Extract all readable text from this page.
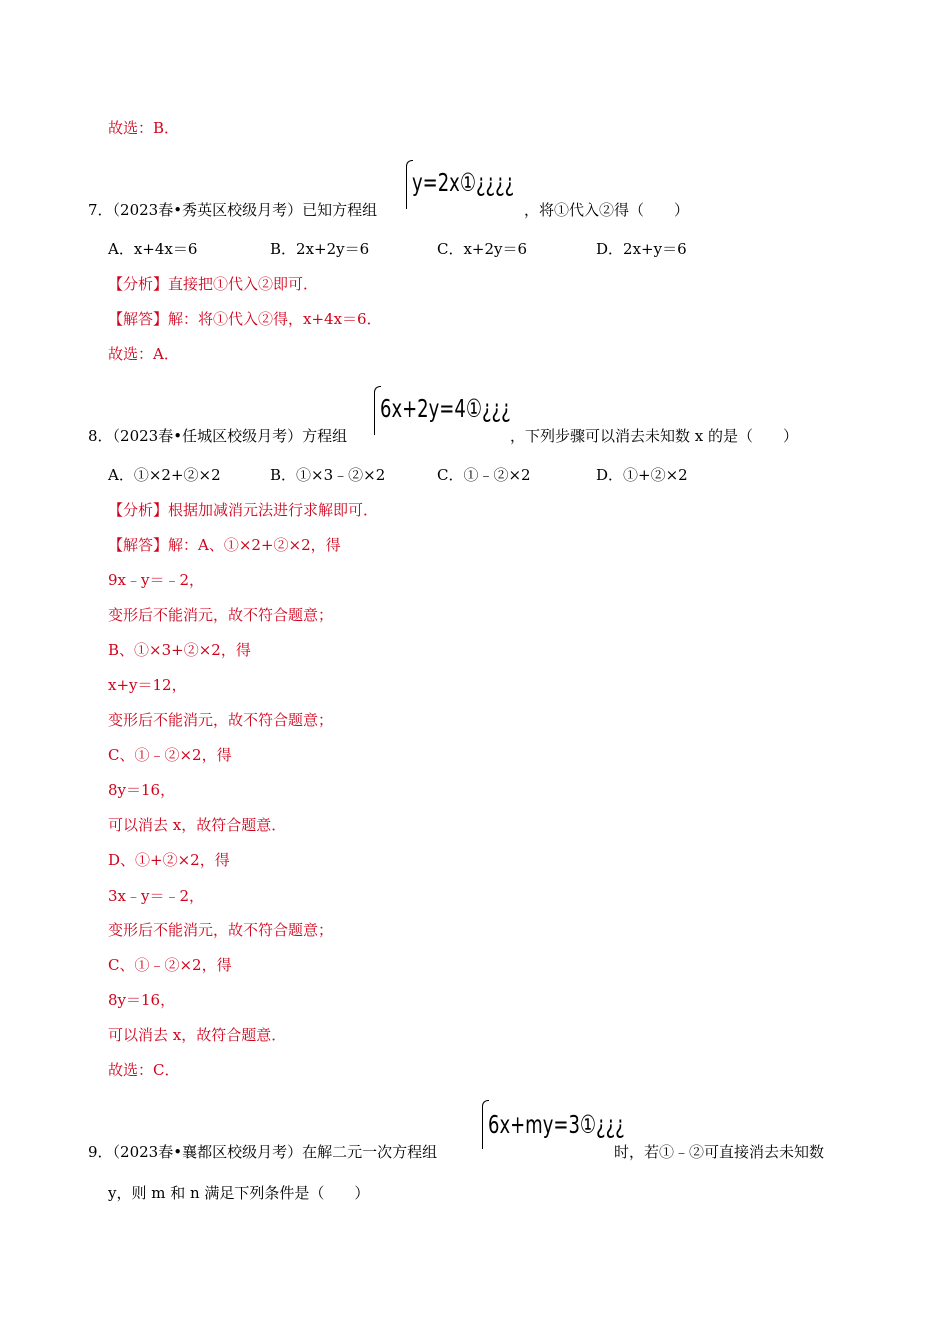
故选：B．
7．（2023春•秀英区校级月考）已知方程组
y=2x①¿¿¿¿
，将①代入②得（　　）
A．x+4x＝6	B．2x+2y＝6	C．x+2y＝6	D．2x+y＝6
【分析】直接把①代入②即可．
【解答】解：将①代入②得，x+4x＝6．
故选：A．
8．（2023春•任城区校级月考）方程组
6x+2y=4①¿¿¿
，下列步骤可以消去未知数 x 的是（　　）
A．①×2+②×2	B．①×3﹣②×2	C．①﹣②×2	D．①+②×2
【分析】根据加减消元法进行求解即可．
【解答】解：A、①×2+②×2，得
9x﹣y＝﹣2，
变形后不能消元，故不符合题意；
B、①×3+②×2，得
x+y＝12，
变形后不能消元，故不符合题意；
C、①﹣②×2，得
8y＝16，
可以消去 x，故符合题意．
D、①+②×2，得
3x﹣y＝﹣2，
变形后不能消元，故不符合题意；
C、①﹣②×2，得
8y＝16，
可以消去 x，故符合题意．
故选：C．
9．（2023春•襄都区校级月考）在解二元一次方程组
6x+my=3①¿¿¿
时，若①﹣②可直接消去未知数
y，则 m 和 n 满足下列条件是（　　）
